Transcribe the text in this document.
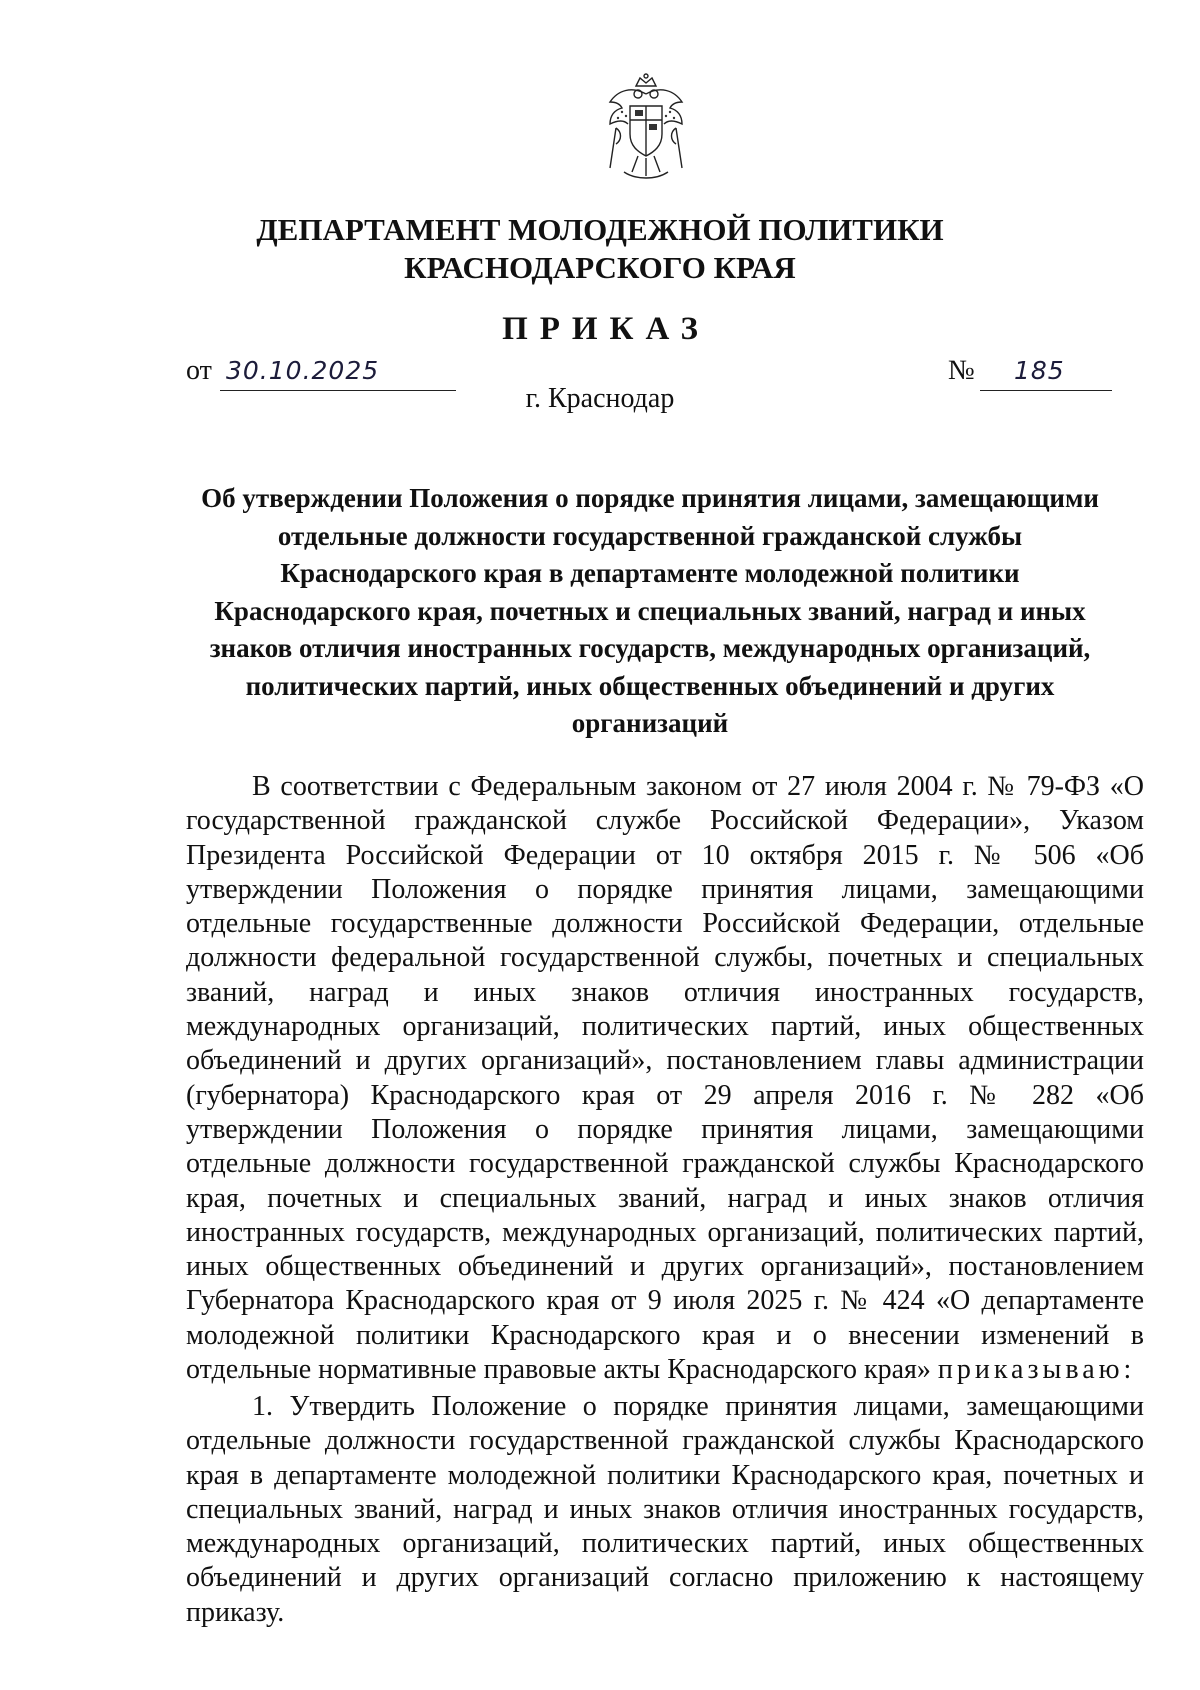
ДЕПАРТАМЕНТ МОЛОДЕЖНОЙ ПОЛИТИКИ
КРАСНОДАРСКОГО КРАЯ
ПРИКАЗ
от 30.10.2025	№ 185
г. Краснодар
Об утверждении Положения о порядке принятия лицами, замещающими отдельные должности государственной гражданской службы Краснодарского края в департаменте молодежной политики Краснодарского края, почетных и специальных званий, наград и иных знаков отличия иностранных государств, международных организаций, политических партий, иных общественных объединений и других организаций

В соответствии с Федеральным законом от 27 июля 2004 г. № 79-ФЗ «О государственной гражданской службе Российской Федерации», Указом Президента Российской Федерации от 10 октября 2015 г. № 506 «Об утверждении Положения о порядке принятия лицами, замещающими отдельные государственные должности Российской Федерации, отдельные должности федеральной государственной службы, почетных и специальных званий, наград и иных знаков отличия иностранных государств, международных организаций, политических партий, иных общественных объединений и других организаций», постановлением главы администрации (губернатора) Краснодарского края от 29 апреля 2016 г. № 282 «Об утверждении Положения о порядке принятия лицами, замещающими отдельные должности государственной гражданской службы Краснодарского края, почетных и специальных званий, наград и иных знаков отличия иностранных государств, международных организаций, политических партий, иных общественных объединений и других организаций», постановлением Губернатора Краснодарского края от 9 июля 2025 г. № 424 «О департаменте молодежной политики Краснодарского края и о внесении изменений в отдельные нормативные правовые акты Краснодарского края» приказываю:

1. Утвердить Положение о порядке принятия лицами, замещающими отдельные должности государственной гражданской службы Краснодарского края в департаменте молодежной политики Краснодарского края, почетных и специальных званий, наград и иных знаков отличия иностранных государств, международных организаций, политических партий, иных общественных объединений и других организаций согласно приложению к настоящему приказу.
